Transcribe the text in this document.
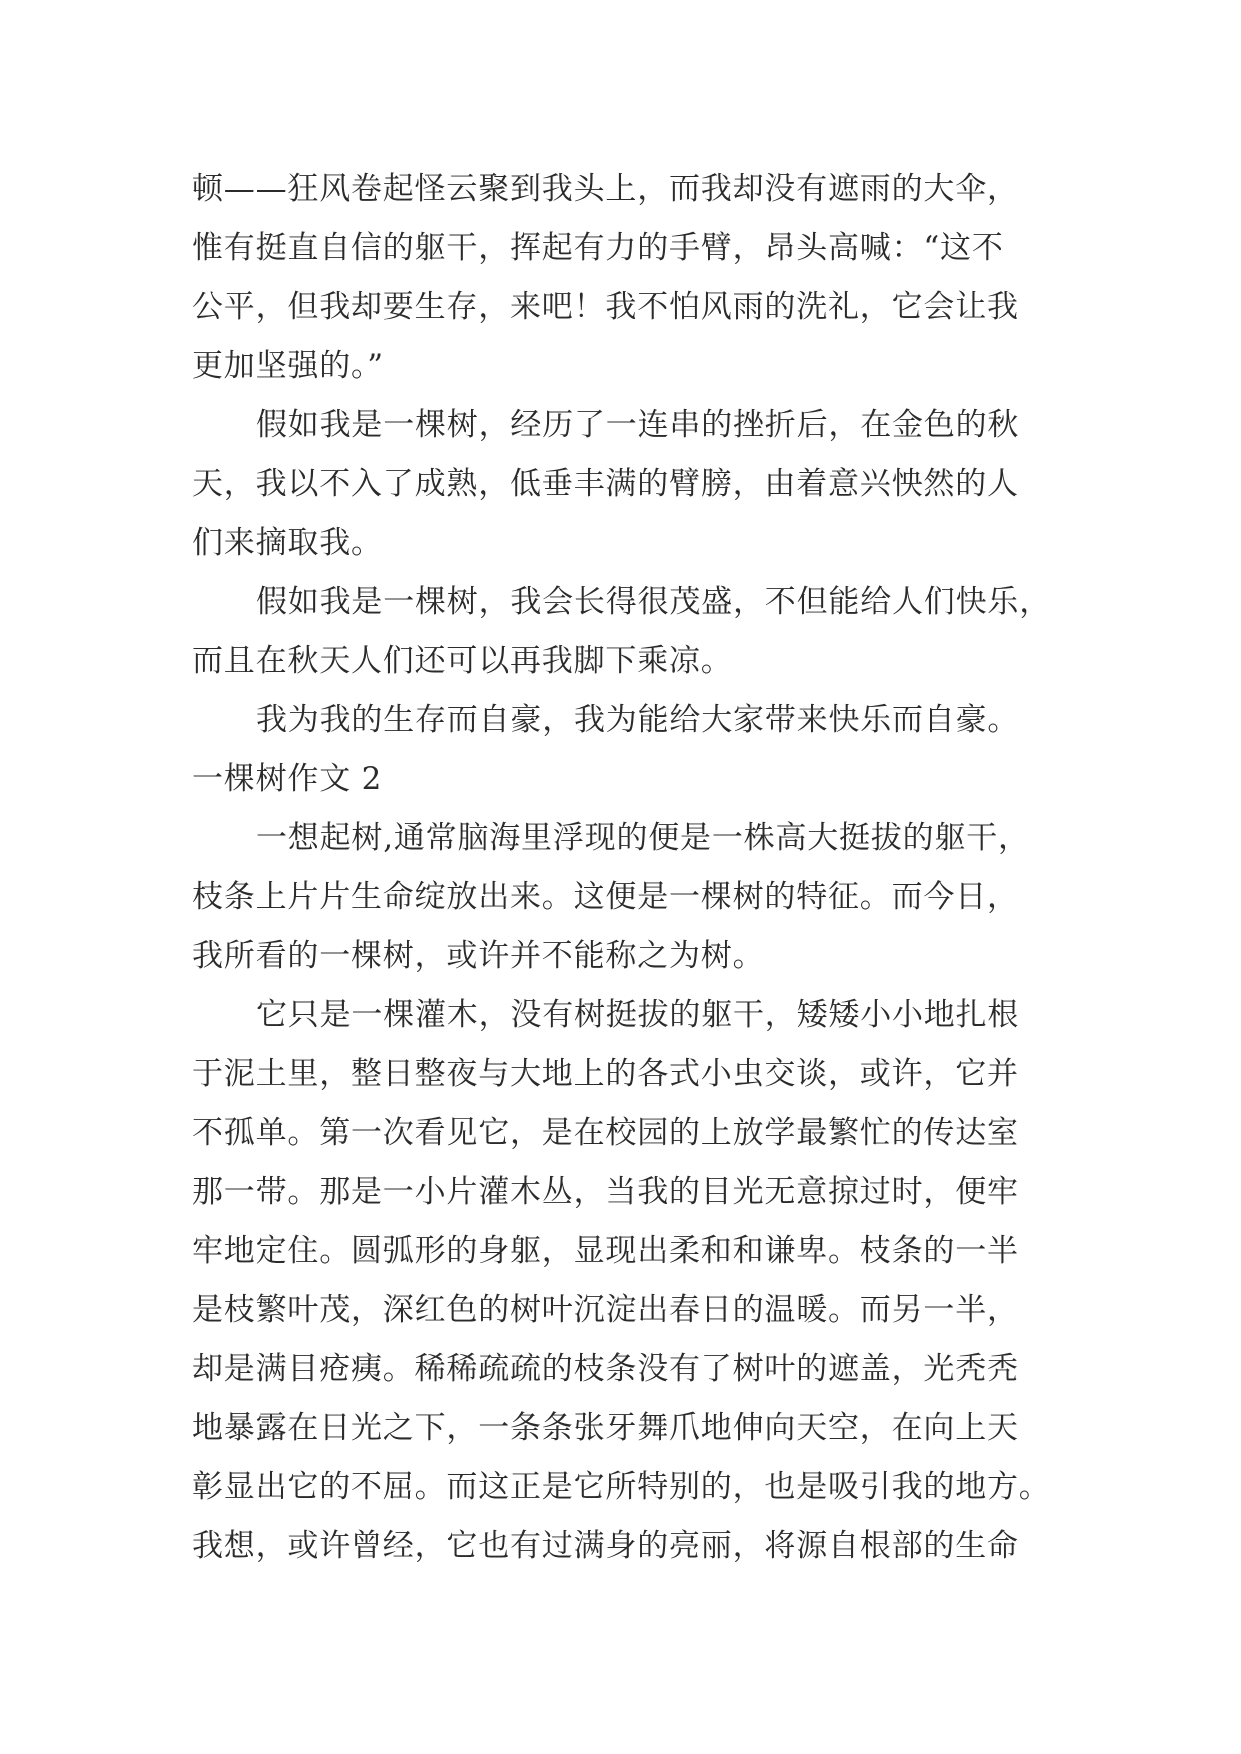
顿——狂风卷起怪云聚到我头上，而我却没有遮雨的大伞，
惟有挺直自信的躯干，挥起有力的手臂，昂头高喊：“这不
公平，但我却要生存，来吧！我不怕风雨的洗礼，它会让我
更加坚强的。”
假如我是一棵树，经历了一连串的挫折后，在金色的秋
天，我以不入了成熟，低垂丰满的臂膀，由着意兴怏然的人
们来摘取我。
假如我是一棵树，我会长得很茂盛，不但能给人们快乐，
而且在秋天人们还可以再我脚下乘凉。
我为我的生存而自豪，我为能给大家带来快乐而自豪。
一棵树作文 2
一想起树,通常脑海里浮现的便是一株高大挺拔的躯干，
枝条上片片生命绽放出来。这便是一棵树的特征。而今日，
我所看的一棵树，或许并不能称之为树。
它只是一棵灌木，没有树挺拔的躯干，矮矮小小地扎根
于泥土里，整日整夜与大地上的各式小虫交谈，或许，它并
不孤单。第一次看见它，是在校园的上放学最繁忙的传达室
那一带。那是一小片灌木丛，当我的目光无意掠过时，便牢
牢地定住。圆弧形的身躯，显现出柔和和谦卑。枝条的一半
是枝繁叶茂，深红色的树叶沉淀出春日的温暖。而另一半，
却是满目疮痍。稀稀疏疏的枝条没有了树叶的遮盖，光秃秃
地暴露在日光之下，一条条张牙舞爪地伸向天空，在向上天
彰显出它的不屈。而这正是它所特别的，也是吸引我的地方。
我想，或许曾经，它也有过满身的亮丽，将源自根部的生命
